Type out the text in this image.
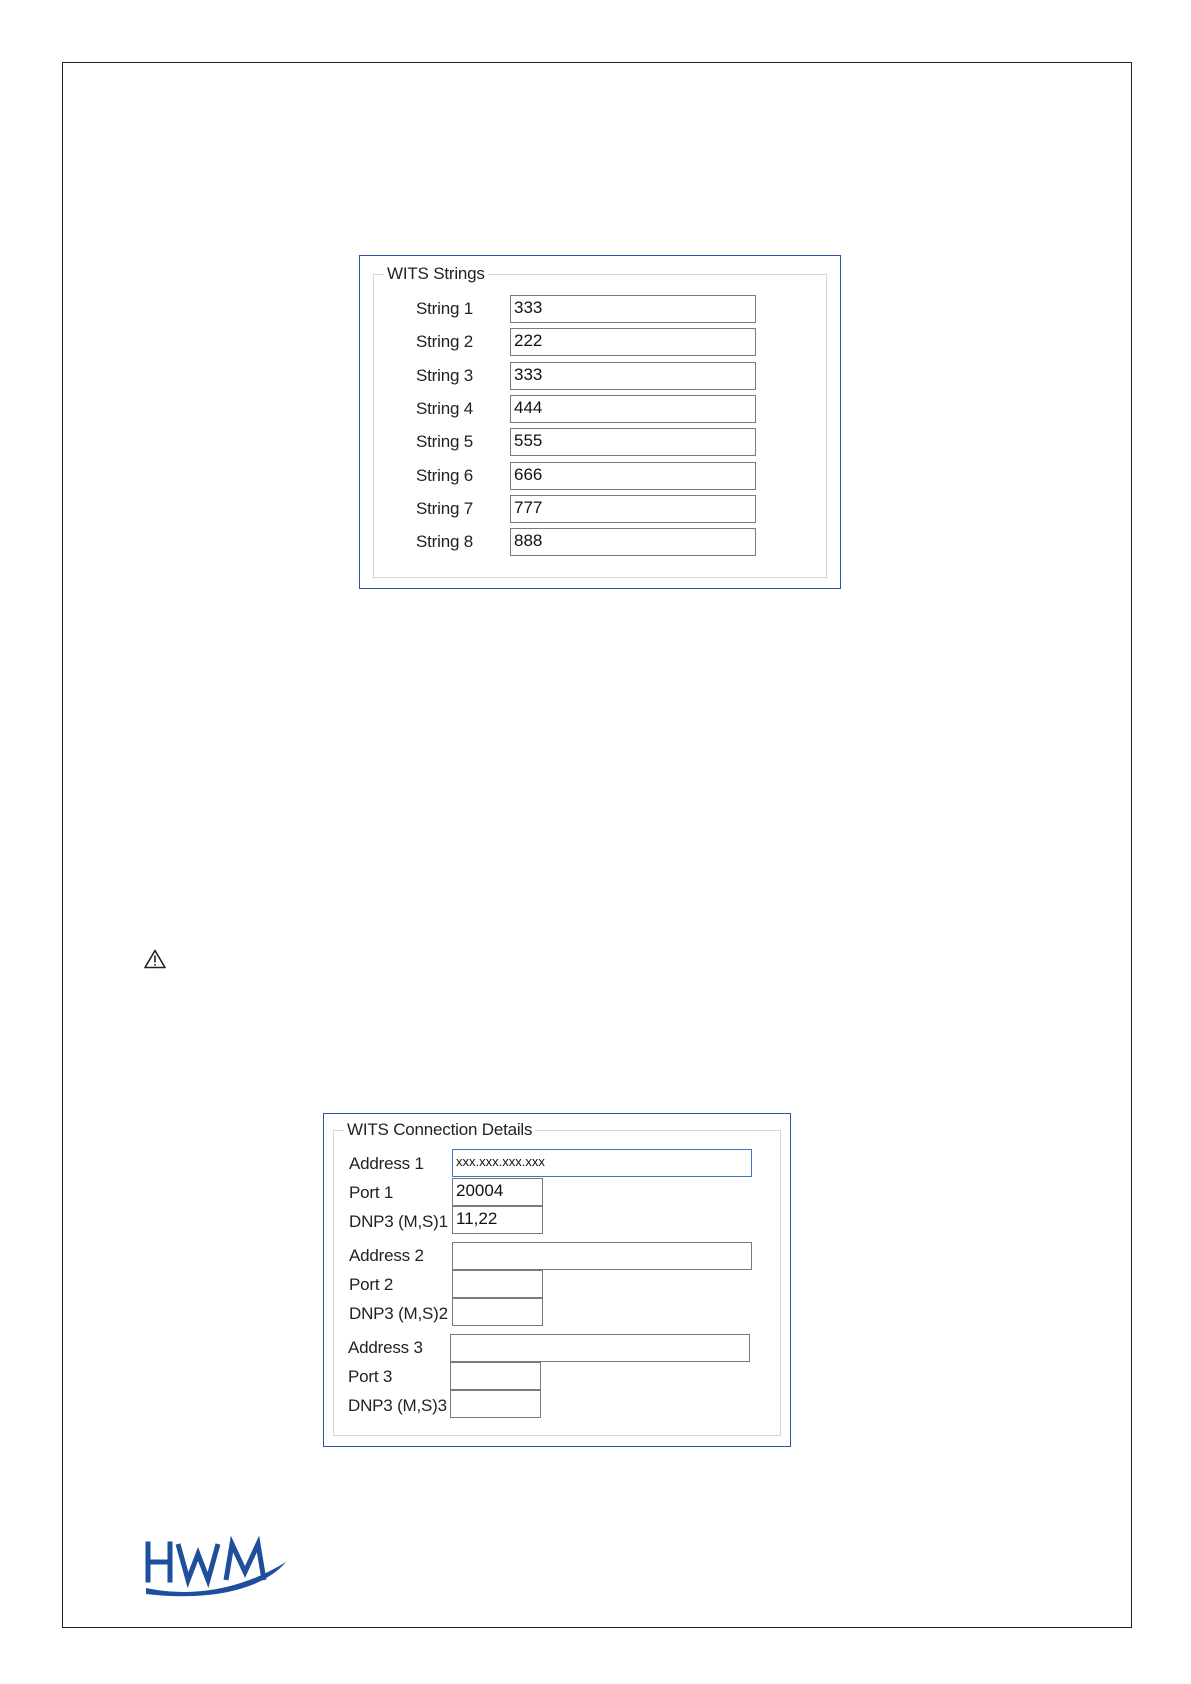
WITS Strings
String 1 333
String 2 222
String 3 333
String 4 444
String 5 555
String 6 666
String 7 777
String 8 888
WITS Connection Details
Address 1	xxx.xxx.xxx.xxx
Port 1	20004
DNP3 (M,S)1 11,22
Address 2
Port 2
DNP3 (M,S)2
Address 3
Port 3
DNP3 (M,S)3
